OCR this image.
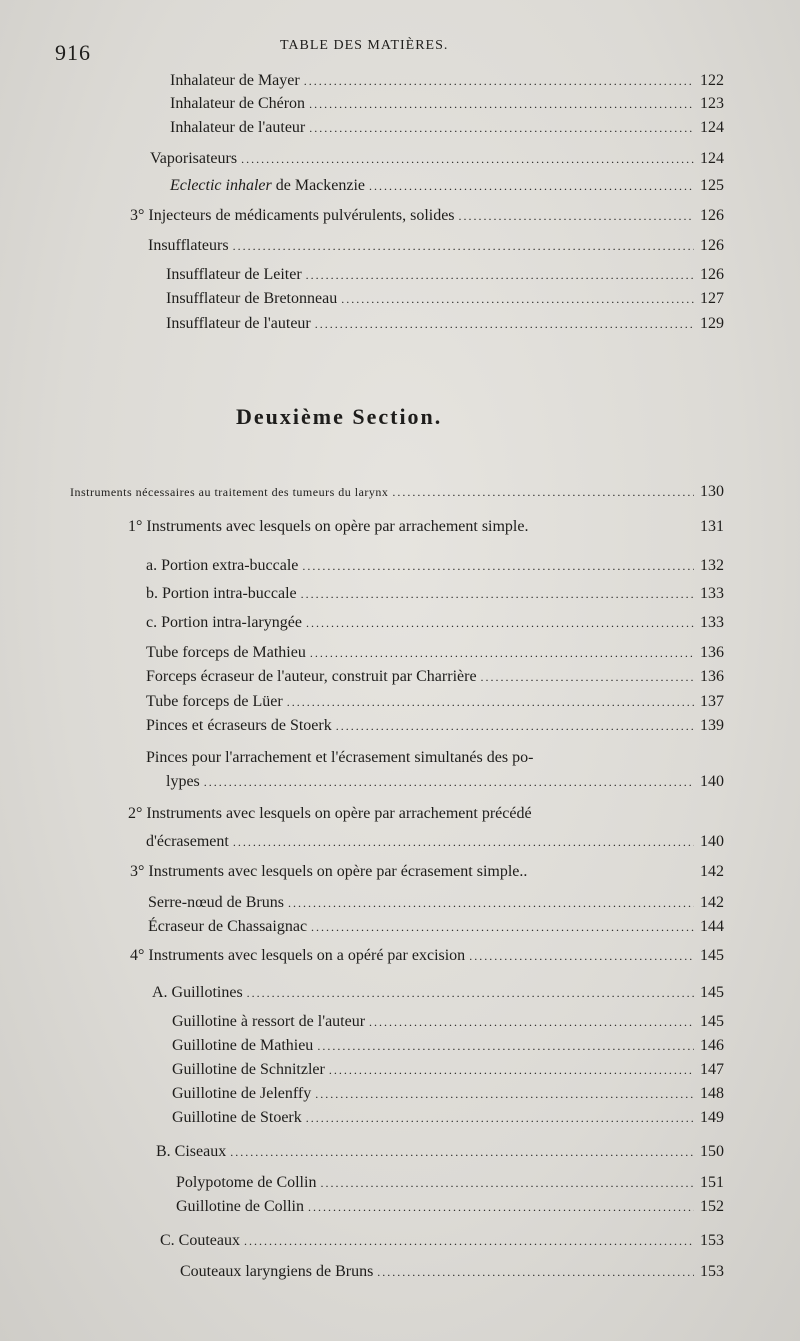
916	TABLE DES MATIÈRES.
Inhalateur de Mayer .....	122
Inhalateur de Chéron .....	123
Inhalateur de l'auteur .....	124
Vaporisateurs .....	124
Eclectic inhaler de Mackenzie .....	125
3° Injecteurs de médicaments pulvérulents, solides .....	126
Insufflateurs .....	126
Insufflateur de Leiter .....	126
Insufflateur de Bretonneau .....	127
Insufflateur de l'auteur .....	129
Deuxième Section.
Instruments nécessaires au traitement des tumeurs du larynx .....	130
1° Instruments avec lesquels on opère par arrachement simple.	131
a. Portion extra-buccale .....	132
b. Portion intra-buccale .....	133
c. Portion intra-laryngée .....	133
Tube forceps de Mathieu .....	136
Forceps écraseur de l'auteur, construit par Charrière .....	136
Tube forceps de Lüer .....	137
Pinces et écraseurs de Stoerk .....	139
Pinces pour l'arrachement et l'écrasement simultanés des po-
lypes .....	140
2° Instruments avec lesquels on opère par arrachement précédé
d'écrasement .....	140
3° Instruments avec lesquels on opère par écrasement simple..	142
Serre-nœud de Bruns .....	142
Écraseur de Chassaignac .....	144
4° Instruments avec lesquels on a opéré par excision .....	145
A. Guillotines .....	145
Guillotine à ressort de l'auteur .....	145
Guillotine de Mathieu .....	146
Guillotine de Schnitzler .....	147
Guillotine de Jelenffy .....	148
Guillotine de Stoerk .....	149
B. Ciseaux .....	150
Polypotome de Collin .....	151
Guillotine de Collin .....	152
C. Couteaux .....	153
Couteaux laryngiens de Bruns .....	153
